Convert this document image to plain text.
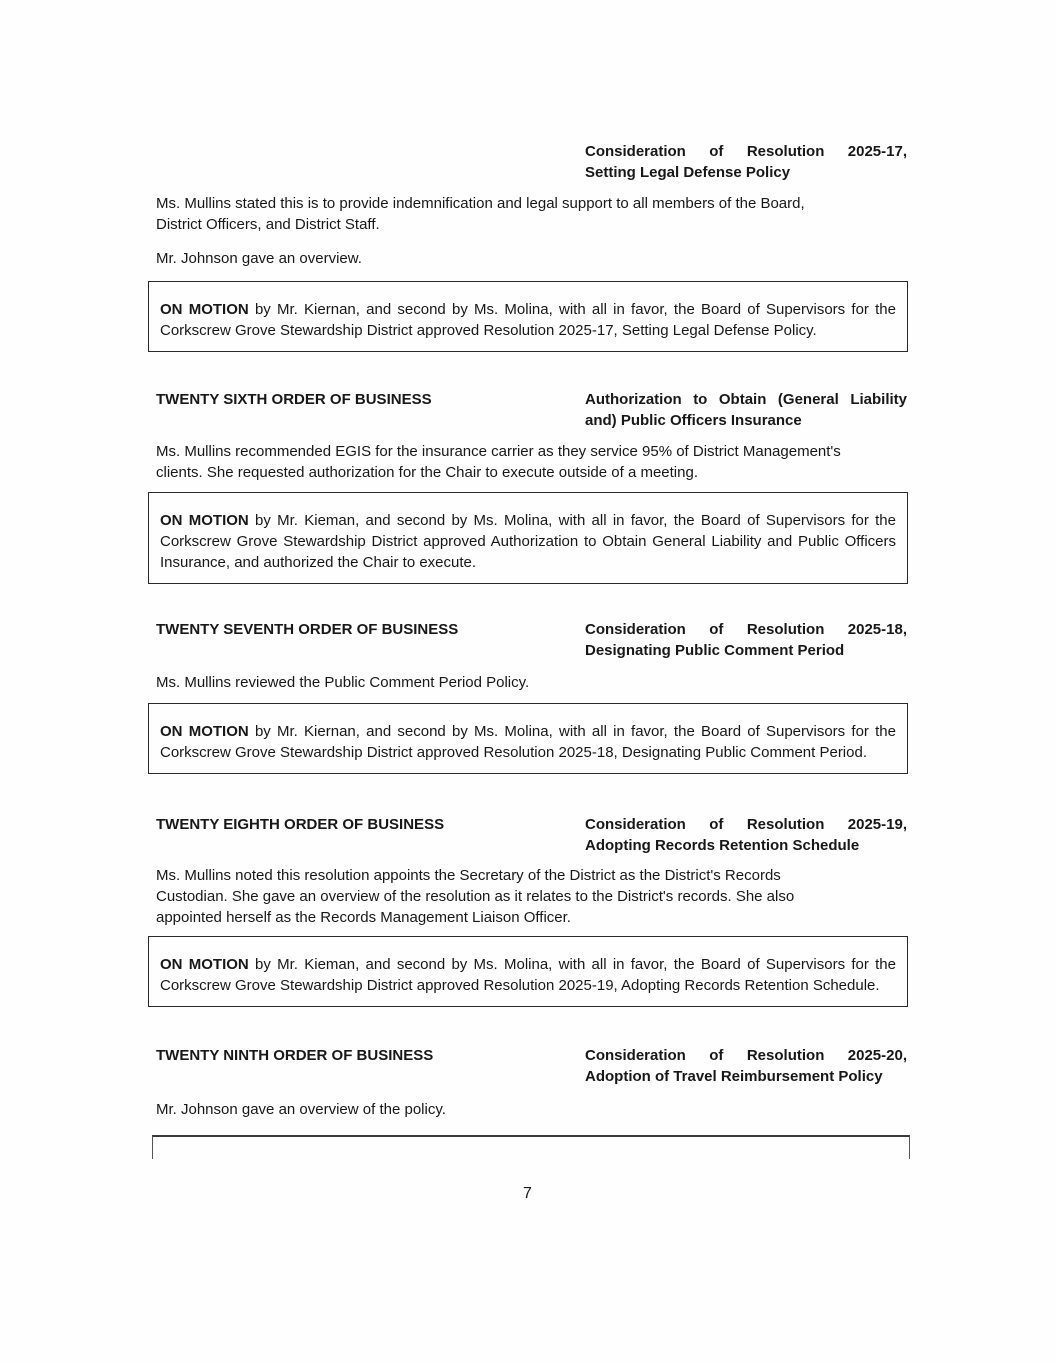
Consideration of Resolution 2025-17,
Setting Legal Defense Policy
Ms. Mullins stated this is to provide indemnification and legal support to all members of the Board,
District Officers, and District Staff.
Mr. Johnson gave an overview.
ON MOTION by Mr. Kiernan, and second by Ms. Molina, with all in favor, the Board of Supervisors for the
Corkscrew Grove Stewardship District approved Resolution 2025-17, Setting Legal Defense Policy.
TWENTY SIXTH ORDER OF BUSINESS	Authorization to Obtain (General Liability
and) Public Officers Insurance
Ms. Mullins recommended EGIS for the insurance carrier as they service 95% of District Management's
clients. She requested authorization for the Chair to execute outside of a meeting.
ON MOTION by Mr. Kieman, and second by Ms. Molina, with all in favor, the Board of Supervisors for the
Corkscrew Grove Stewardship District approved Authorization to Obtain General Liability and Public Officers
Insurance, and authorized the Chair to execute.
TWENTY SEVENTH ORDER OF BUSINESS	Consideration of Resolution 2025-18,
Designating Public Comment Period
Ms. Mullins reviewed the Public Comment Period Policy.
ON MOTION by Mr. Kiernan, and second by Ms. Molina, with all in favor, the Board of Supervisors for the
Corkscrew Grove Stewardship District approved Resolution 2025-18, Designating Public Comment Period.
TWENTY EIGHTH ORDER OF BUSINESS	Consideration of Resolution 2025-19,
Adopting Records Retention Schedule
Ms. Mullins noted this resolution appoints the Secretary of the District as the District's Records
Custodian. She gave an overview of the resolution as it relates to the District's records. She also
appointed herself as the Records Management Liaison Officer.
ON MOTION by Mr. Kieman, and second by Ms. Molina, with all in favor, the Board of Supervisors for the
Corkscrew Grove Stewardship District approved Resolution 2025-19, Adopting Records Retention Schedule.
TWENTY NINTH ORDER OF BUSINESS	Consideration of Resolution 2025-20,
Adoption of Travel Reimbursement Policy
Mr. Johnson gave an overview of the policy.
7
